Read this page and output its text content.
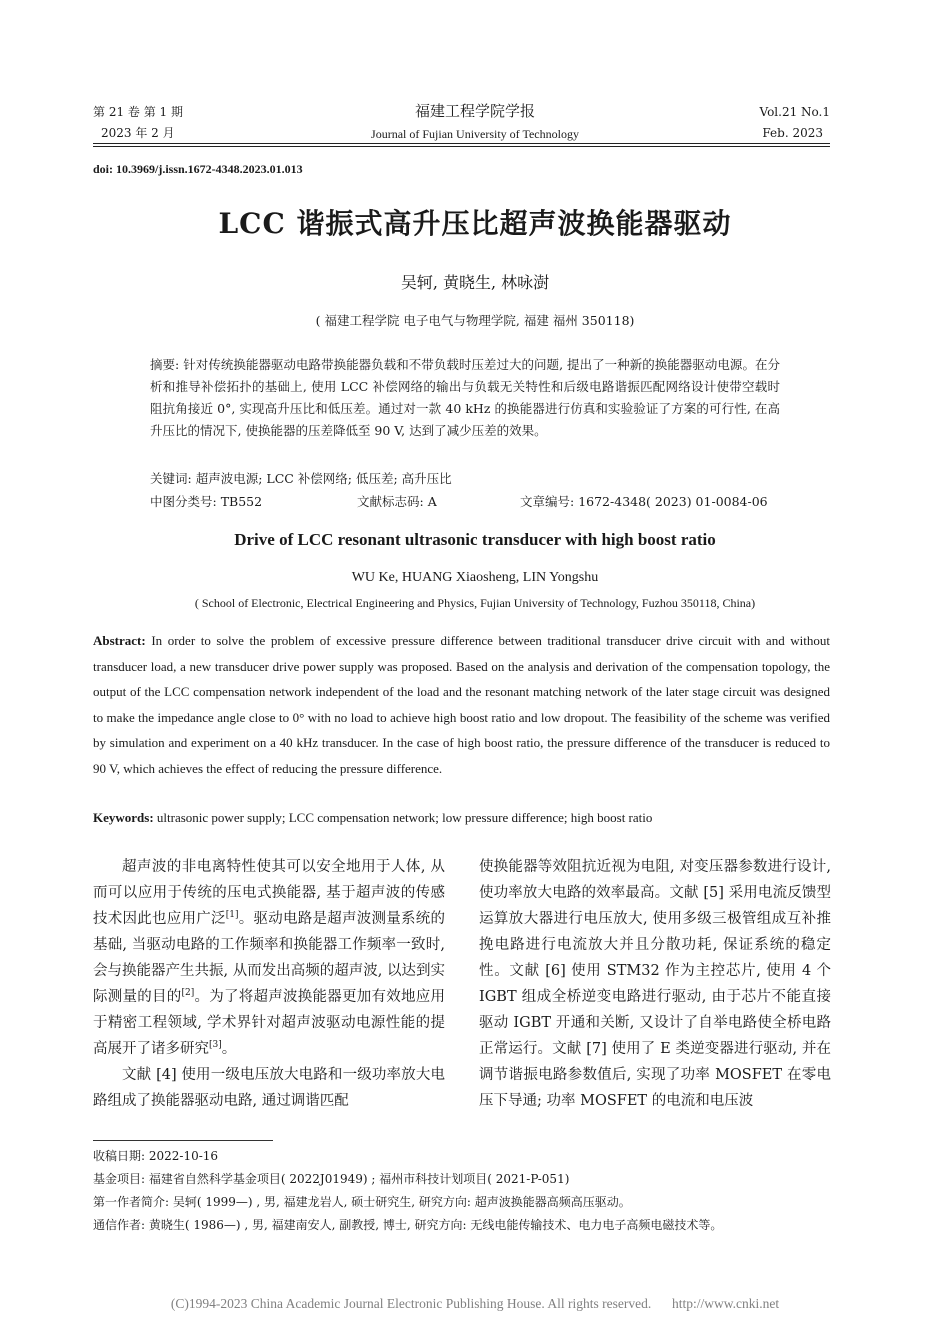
第 21 卷 第 1 期
2023 年 2 月
福建工程学院学报
Journal of Fujian University of Technology
Vol.21 No.1
Feb. 2023
doi: 10.3969/j.issn.1672-4348.2023.01.013
LCC 谐振式高升压比超声波换能器驱动
吴轲, 黄晓生, 林咏澍
( 福建工程学院 电子电气与物理学院, 福建 福州 350118)
摘要: 针对传统换能器驱动电路带换能器负载和不带负载时压差过大的问题, 提出了一种新的换能器驱动电源。在分析和推导补偿拓扑的基础上, 使用 LCC 补偿网络的输出与负载无关特性和后级电路谐振匹配网络设计使带空载时阻抗角接近 0°, 实现高升压比和低压差。通过对一款 40 kHz 的换能器进行仿真和实验验证了方案的可行性, 在高升压比的情况下, 使换能器的压差降低至 90 V, 达到了减少压差的效果。
关键词: 超声波电源; LCC 补偿网络; 低压差; 高升压比
中图分类号: TB552	文献标志码: A	文章编号: 1672-4348( 2023) 01-0084-06
Drive of LCC resonant ultrasonic transducer with high boost ratio
WU Ke, HUANG Xiaosheng, LIN Yongshu
( School of Electronic, Electrical Engineering and Physics, Fujian University of Technology, Fuzhou 350118, China)
Abstract: In order to solve the problem of excessive pressure difference between traditional transducer drive circuit with and without transducer load, a new transducer drive power supply was proposed. Based on the analysis and derivation of the compensation topology, the output of the LCC compensation network independent of the load and the resonant matching network of the later stage circuit was designed to make the impedance angle close to 0° with no load to achieve high boost ratio and low dropout. The feasibility of the scheme was verified by simulation and experiment on a 40 kHz transducer. In the case of high boost ratio, the pressure difference of the transducer is reduced to 90 V, which achieves the effect of reducing the pressure difference.
Keywords: ultrasonic power supply; LCC compensation network; low pressure difference; high boost ratio

超声波的非电离特性使其可以安全地用于人体, 从而可以应用于传统的压电式换能器, 基于超声波的传感技术因此也应用广泛[1]。驱动电路是超声波测量系统的基础, 当驱动电路的工作频率和换能器工作频率一致时, 会与换能器产生共振, 从而发出高频的超声波, 以达到实际测量的目的[2]。为了将超声波换能器更加有效地应用于精密工程领域, 学术界针对超声波驱动电源性能的提高展开了诸多研究[3]。

文献 [4] 使用一级电压放大电路和一级功率放大电路组成了换能器驱动电路, 通过调谐匹配

使换能器等效阻抗近视为电阻, 对变压器参数进行设计, 使功率放大电路的效率最高。文献 [5] 采用电流反馈型运算放大器进行电压放大, 使用多级三极管组成互补推挽电路进行电流放大并且分散功耗, 保证系统的稳定性。文献 [6] 使用 STM32 作为主控芯片, 使用 4 个 IGBT 组成全桥逆变电路进行驱动, 由于芯片不能直接驱动 IGBT 开通和关断, 又设计了自举电路使全桥电路正常运行。文献 [7] 使用了 E 类逆变器进行驱动, 并在调节谐振电路参数值后, 实现了功率 MOSFET 在零电压下导通; 功率 MOSFET 的电流和电压波

收稿日期: 2022-10-16
基金项目: 福建省自然科学基金项目( 2022J01949) ; 福州市科技计划项目( 2021-P-051)
第一作者简介: 吴轲( 1999—) , 男, 福建龙岩人, 硕士研究生, 研究方向: 超声波换能器高频高压驱动。
通信作者: 黄晓生( 1986—) , 男, 福建南安人, 副教授, 博士, 研究方向: 无线电能传输技术、电力电子高频电磁技术等。
(C)1994-2023 China Academic Journal Electronic Publishing House. All rights reserved. http://www.cnki.net
